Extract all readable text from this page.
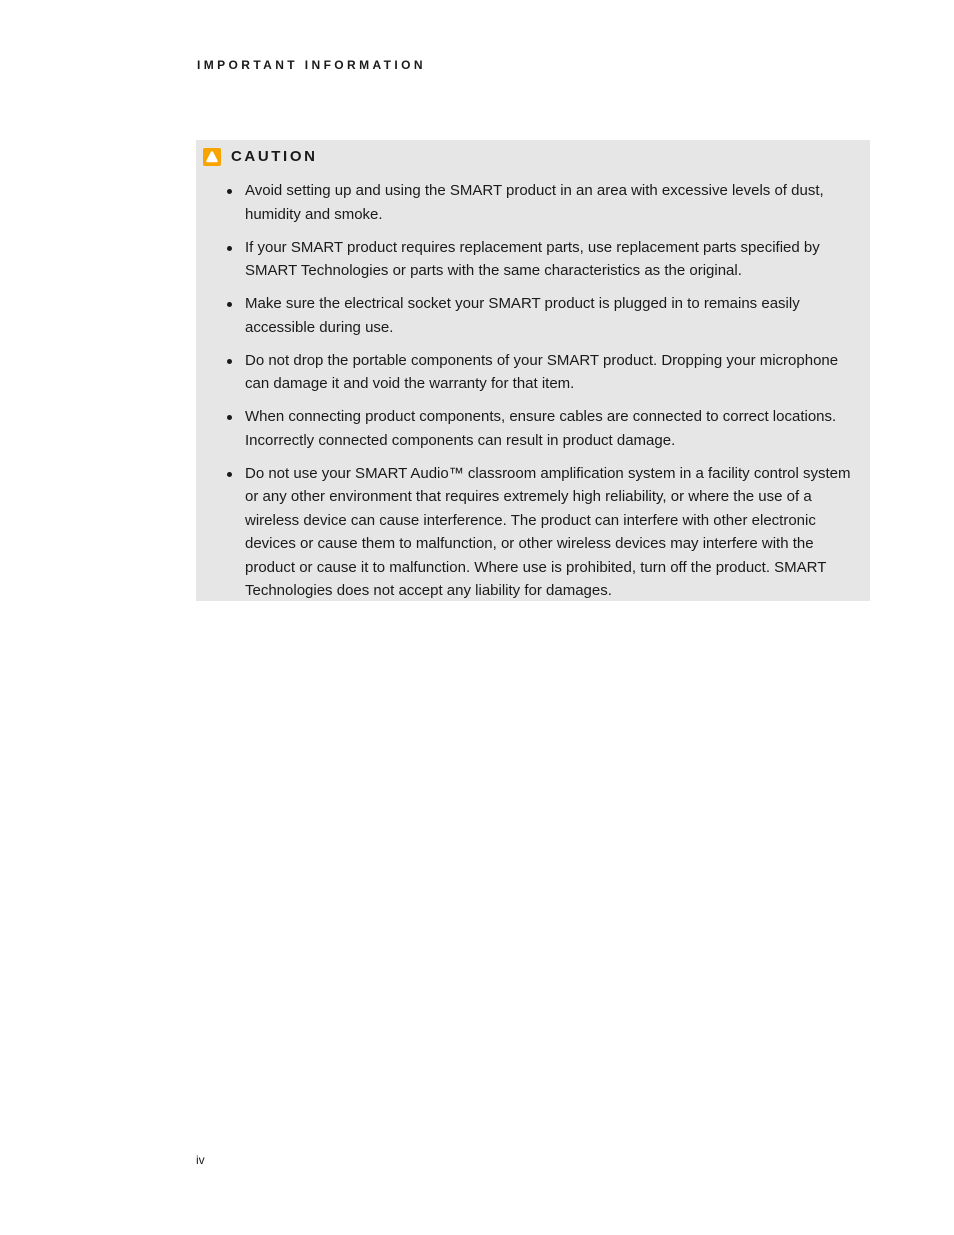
IMPORTANT INFORMATION
CAUTION
Avoid setting up and using the SMART product in an area with excessive levels of dust, humidity and smoke.
If your SMART product requires replacement parts, use replacement parts specified by SMART Technologies or parts with the same characteristics as the original.
Make sure the electrical socket your SMART product is plugged in to remains easily accessible during use.
Do not drop the portable components of your SMART product. Dropping your microphone can damage it and void the warranty for that item.
When connecting product components, ensure cables are connected to correct locations. Incorrectly connected components can result in product damage.
Do not use your SMART Audio™ classroom amplification system in a facility control system or any other environment that requires extremely high reliability, or where the use of a wireless device can cause interference. The product can interfere with other electronic devices or cause them to malfunction, or other wireless devices may interfere with the product or cause it to malfunction. Where use is prohibited, turn off the product. SMART Technologies does not accept any liability for damages.
iv
